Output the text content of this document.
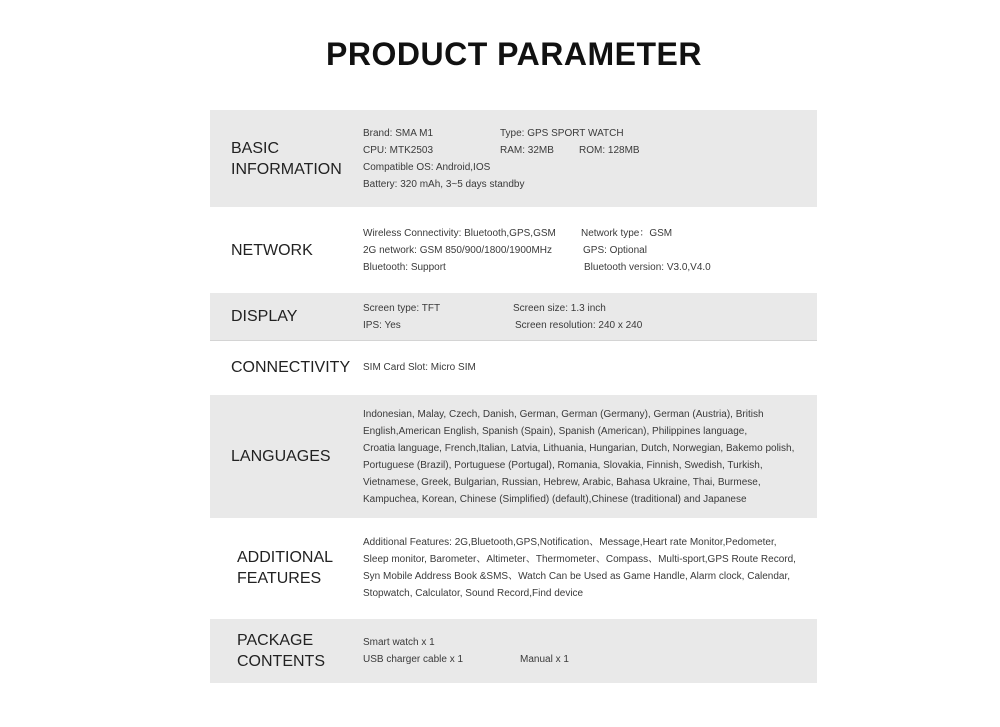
PRODUCT PARAMETER
BASIC
INFORMATION
Brand: SMA M1	Type: GPS SPORT WATCH
CPU: MTK2503	RAM: 32MB	ROM: 128MB
Compatible OS: Android,IOS
Battery: 320 mAh, 3~5 days standby
NETWORK
Wireless Connectivity: Bluetooth,GPS,GSM	Network type：GSM
2G network: GSM 850/900/1800/1900MHz	GPS: Optional
Bluetooth: Support	Bluetooth version: V3.0,V4.0
DISPLAY	Screen type: TFT	Screen size: 1.3 inch
IPS: Yes	Screen resolution: 240 x 240
CONNECTIVITY SIM Card Slot: Micro SIM
LANGUAGES
Indonesian, Malay, Czech, Danish, German, German (Germany), German (Austria), British
English,American English, Spanish (Spain), Spanish (American), Philippines language,
Croatia language, French,Italian, Latvia, Lithuania, Hungarian, Dutch, Norwegian, Bakemo polish,
Portuguese (Brazil), Portuguese (Portugal), Romania, Slovakia, Finnish, Swedish, Turkish,
Vietnamese, Greek, Bulgarian, Russian, Hebrew, Arabic, Bahasa Ukraine, Thai, Burmese,
Kampuchea, Korean, Chinese (Simplified) (default),Chinese (traditional) and Japanese
ADDITIONAL
FEATURES
Additional Features: 2G,Bluetooth,GPS,Notification、Message,Heart rate Monitor,Pedometer,
Sleep monitor, Barometer、Altimeter、Thermometer、Compass、Multi-sport,GPS Route Record,
Syn Mobile Address Book &SMS、Watch Can be Used as Game Handle, Alarm clock, Calendar,
Stopwatch, Calculator, Sound Record,Find device
PACKAGE
CONTENTS
Smart watch x 1
USB charger cable x 1	Manual x 1
